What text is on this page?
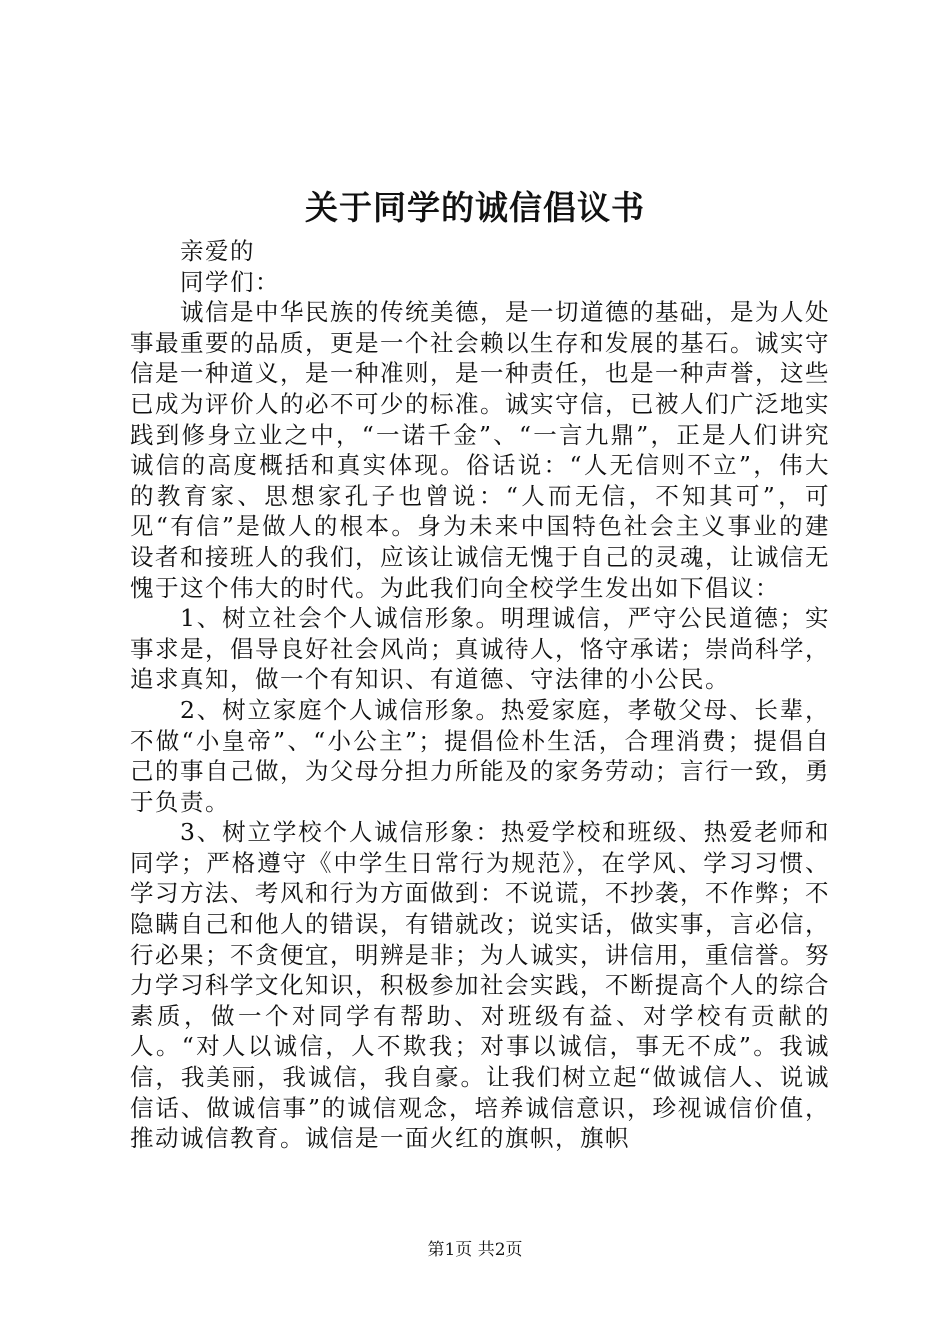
关于同学的诚信倡议书

亲爱的

同学们：

诚信是中华民族的传统美德，是一切道德的基础，是为人处事最重要的品质，更是一个社会赖以生存和发展的基石。诚实守信是一种道义，是一种准则，是一种责任，也是一种声誉，这些已成为评价人的必不可少的标准。诚实守信，已被人们广泛地实践到修身立业之中，“一诺千金”、“一言九鼎”，正是人们讲究诚信的高度概括和真实体现。俗话说：“人无信则不立”，伟大的教育家、思想家孔子也曾说：“人而无信，不知其可”，可见“有信”是做人的根本。身为未来中国特色社会主义事业的建设者和接班人的我们，应该让诚信无愧于自己的灵魂，让诚信无愧于这个伟大的时代。为此我们向全校学生发出如下倡议：

1、树立社会个人诚信形象。明理诚信，严守公民道德；实事求是，倡导良好社会风尚；真诚待人，恪守承诺；崇尚科学，追求真知，做一个有知识、有道德、守法律的小公民。

2、树立家庭个人诚信形象。热爱家庭，孝敬父母、长辈，不做“小皇帝”、“小公主”；提倡俭朴生活，合理消费；提倡自己的事自己做，为父母分担力所能及的家务劳动；言行一致，勇于负责。

3、树立学校个人诚信形象：热爱学校和班级、热爱老师和同学；严格遵守《中学生日常行为规范》，在学风、学习习惯、学习方法、考风和行为方面做到：不说谎，不抄袭，不作弊；不隐瞒自己和他人的错误，有错就改；说实话，做实事，言必信，行必果；不贪便宜，明辨是非；为人诚实，讲信用，重信誉。努力学习科学文化知识，积极参加社会实践，不断提高个人的综合素质，做一个对同学有帮助、对班级有益、对学校有贡献的人。“对人以诚信，人不欺我；对事以诚信，事无不成”。我诚信，我美丽，我诚信，我自豪。让我们树立起“做诚信人、说诚信话、做诚信事”的诚信观念，培养诚信意识，珍视诚信价值，推动诚信教育。诚信是一面火红的旗帜，旗帜

第1页 共2页
